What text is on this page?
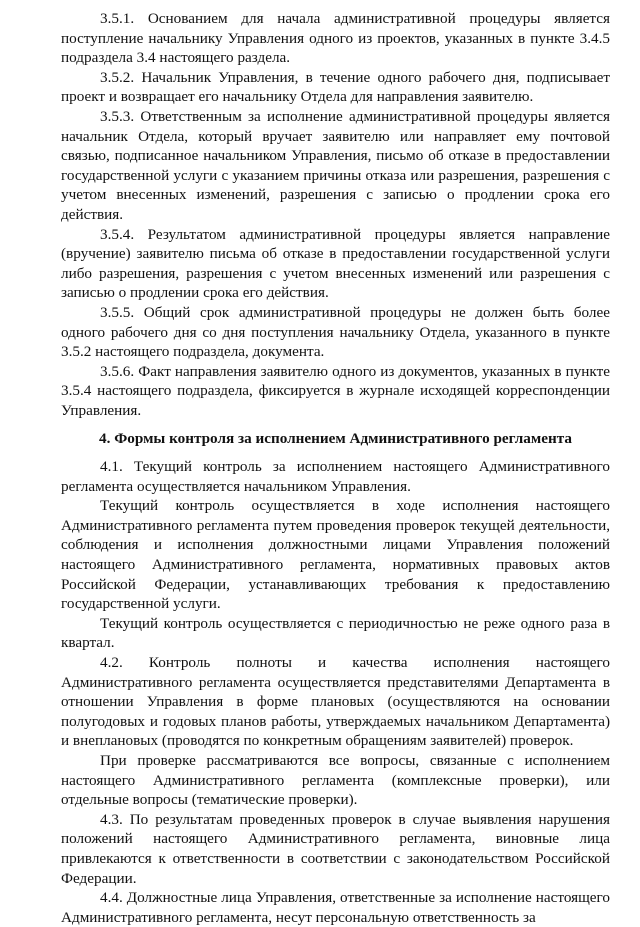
3.5.1. Основанием для начала административной процедуры является поступление начальнику Управления одного из проектов, указанных в пункте 3.4.5 подраздела 3.4 настоящего раздела.

3.5.2. Начальник Управления, в течение одного рабочего дня, подписывает проект и возвращает его начальнику Отдела для направления заявителю.

3.5.3. Ответственным за исполнение административной процедуры является начальник Отдела, который вручает заявителю или направляет ему почтовой связью, подписанное начальником Управления, письмо об отказе в предоставлении государственной услуги с указанием причины отказа или разрешения, разрешения с учетом внесенных изменений, разрешения с записью о продлении срока его действия.

3.5.4. Результатом административной процедуры является направление (вручение) заявителю письма об отказе в предоставлении государственной услуги либо разрешения, разрешения с учетом внесенных изменений или разрешения с записью о продлении срока его действия.

3.5.5. Общий срок административной процедуры не должен быть более одного рабочего дня со дня поступления начальнику Отдела, указанного в пункте 3.5.2 настоящего подраздела, документа.

3.5.6. Факт направления заявителю одного из документов, указанных в пункте 3.5.4 настоящего подраздела, фиксируется в журнале исходящей корреспонденции Управления.

4. Формы контроля за исполнением Административного регламента

4.1. Текущий контроль за исполнением настоящего Административного регламента осуществляется начальником Управления.

Текущий контроль осуществляется в ходе исполнения настоящего Административного регламента путем проведения проверок текущей деятельности, соблюдения и исполнения должностными лицами Управления положений настоящего Административного регламента, нормативных правовых актов Российской Федерации, устанавливающих требования к предоставлению государственной услуги.

Текущий контроль осуществляется с периодичностью не реже одного раза в квартал.

4.2. Контроль полноты и качества исполнения настоящего Административного регламента осуществляется представителями Департамента в отношении Управления в форме плановых (осуществляются на основании полугодовых и годовых планов работы, утверждаемых начальником Департамента) и внеплановых (проводятся по конкретным обращениям заявителей) проверок.

При проверке рассматриваются все вопросы, связанные с исполнением настоящего Административного регламента (комплексные проверки), или отдельные вопросы (тематические проверки).

4.3. По результатам проведенных проверок в случае выявления нарушения положений настоящего Административного регламента, виновные лица привлекаются к ответственности в соответствии с законодательством Российской Федерации.

4.4. Должностные лица Управления, ответственные за исполнение настоящего Административного регламента, несут персональную ответственность за
